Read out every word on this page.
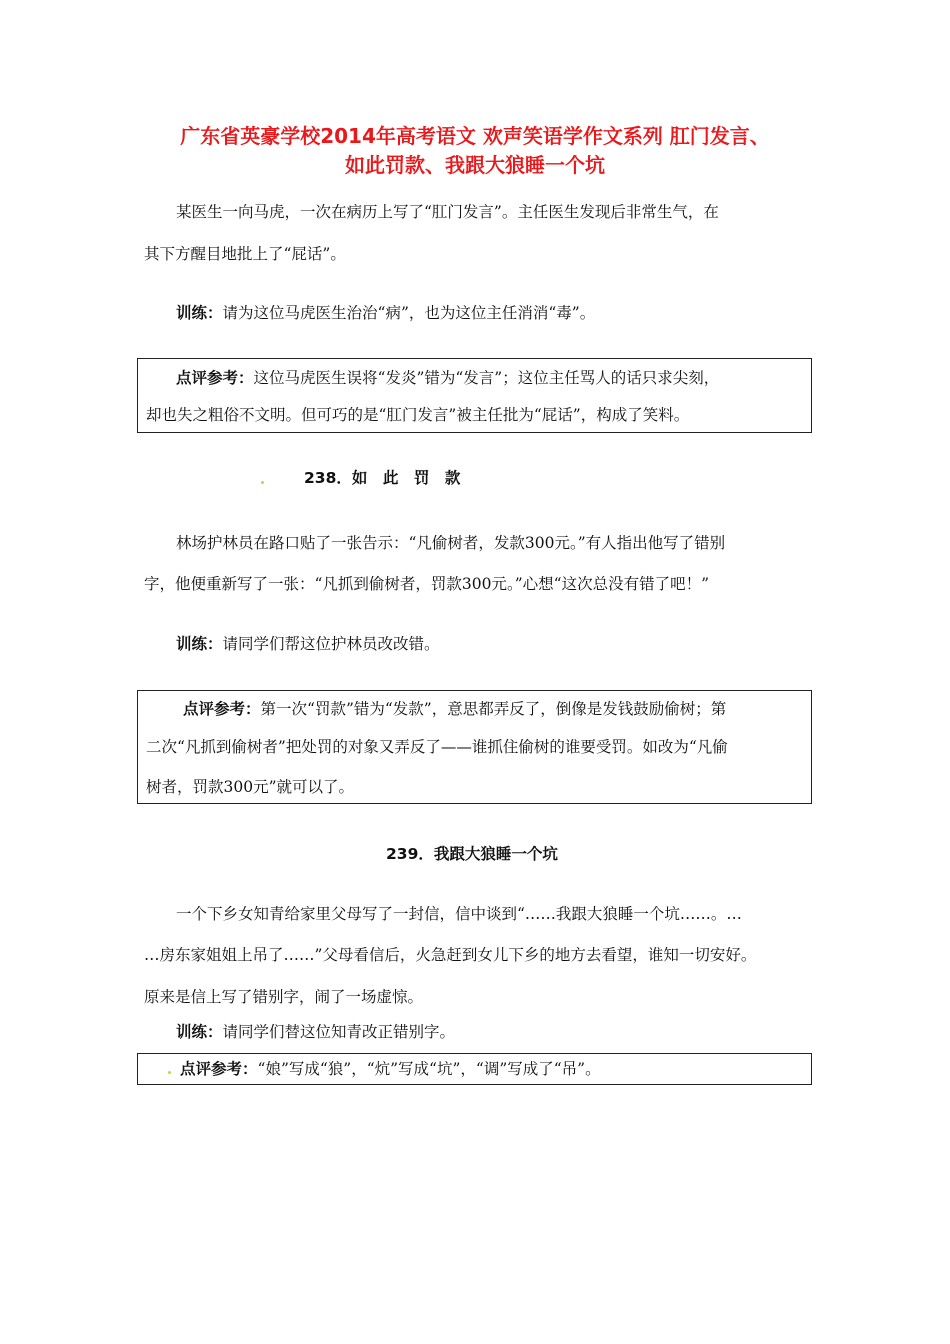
广东省英豪学校2014年高考语文 欢声笑语学作文系列 肛门发言、
如此罚款、我跟大狼睡一个坑
某医生一向马虎，一次在病历上写了“肛门发言”。主任医生发现后非常生气，在
其下方醒目地批上了“屁话”。
训练：请为这位马虎医生治治“病”，也为这位主任消消“毒”。
点评参考：这位马虎医生误将“发炎”错为“发言”；这位主任骂人的话只求尖刻，
却也失之粗俗不文明。但可巧的是“肛门发言”被主任批为“屁话”，构成了笑料。
238．如　此　罚　款
林场护林员在路口贴了一张告示：“凡偷树者，发款300元。”有人指出他写了错别
字，他便重新写了一张：“凡抓到偷树者，罚款300元。”心想“这次总没有错了吧！”
训练：请同学们帮这位护林员改改错。
点评参考：第一次“罚款”错为“发款”，意思都弄反了，倒像是发钱鼓励偷树；第
二次“凡抓到偷树者”把处罚的对象又弄反了——谁抓住偷树的谁要受罚。如改为“凡偷
树者，罚款300元”就可以了。
239．我跟大狼睡一个坑
一个下乡女知青给家里父母写了一封信，信中谈到“……我跟大狼睡一个坑……。…
…房东家姐姐上吊了……”父母看信后，火急赶到女儿下乡的地方去看望，谁知一切安好。
原来是信上写了错别字，闹了一场虚惊。
训练：请同学们替这位知青改正错别字。
点评参考：“娘”写成“狼”，“炕”写成“坑”，“调”写成了“吊”。
